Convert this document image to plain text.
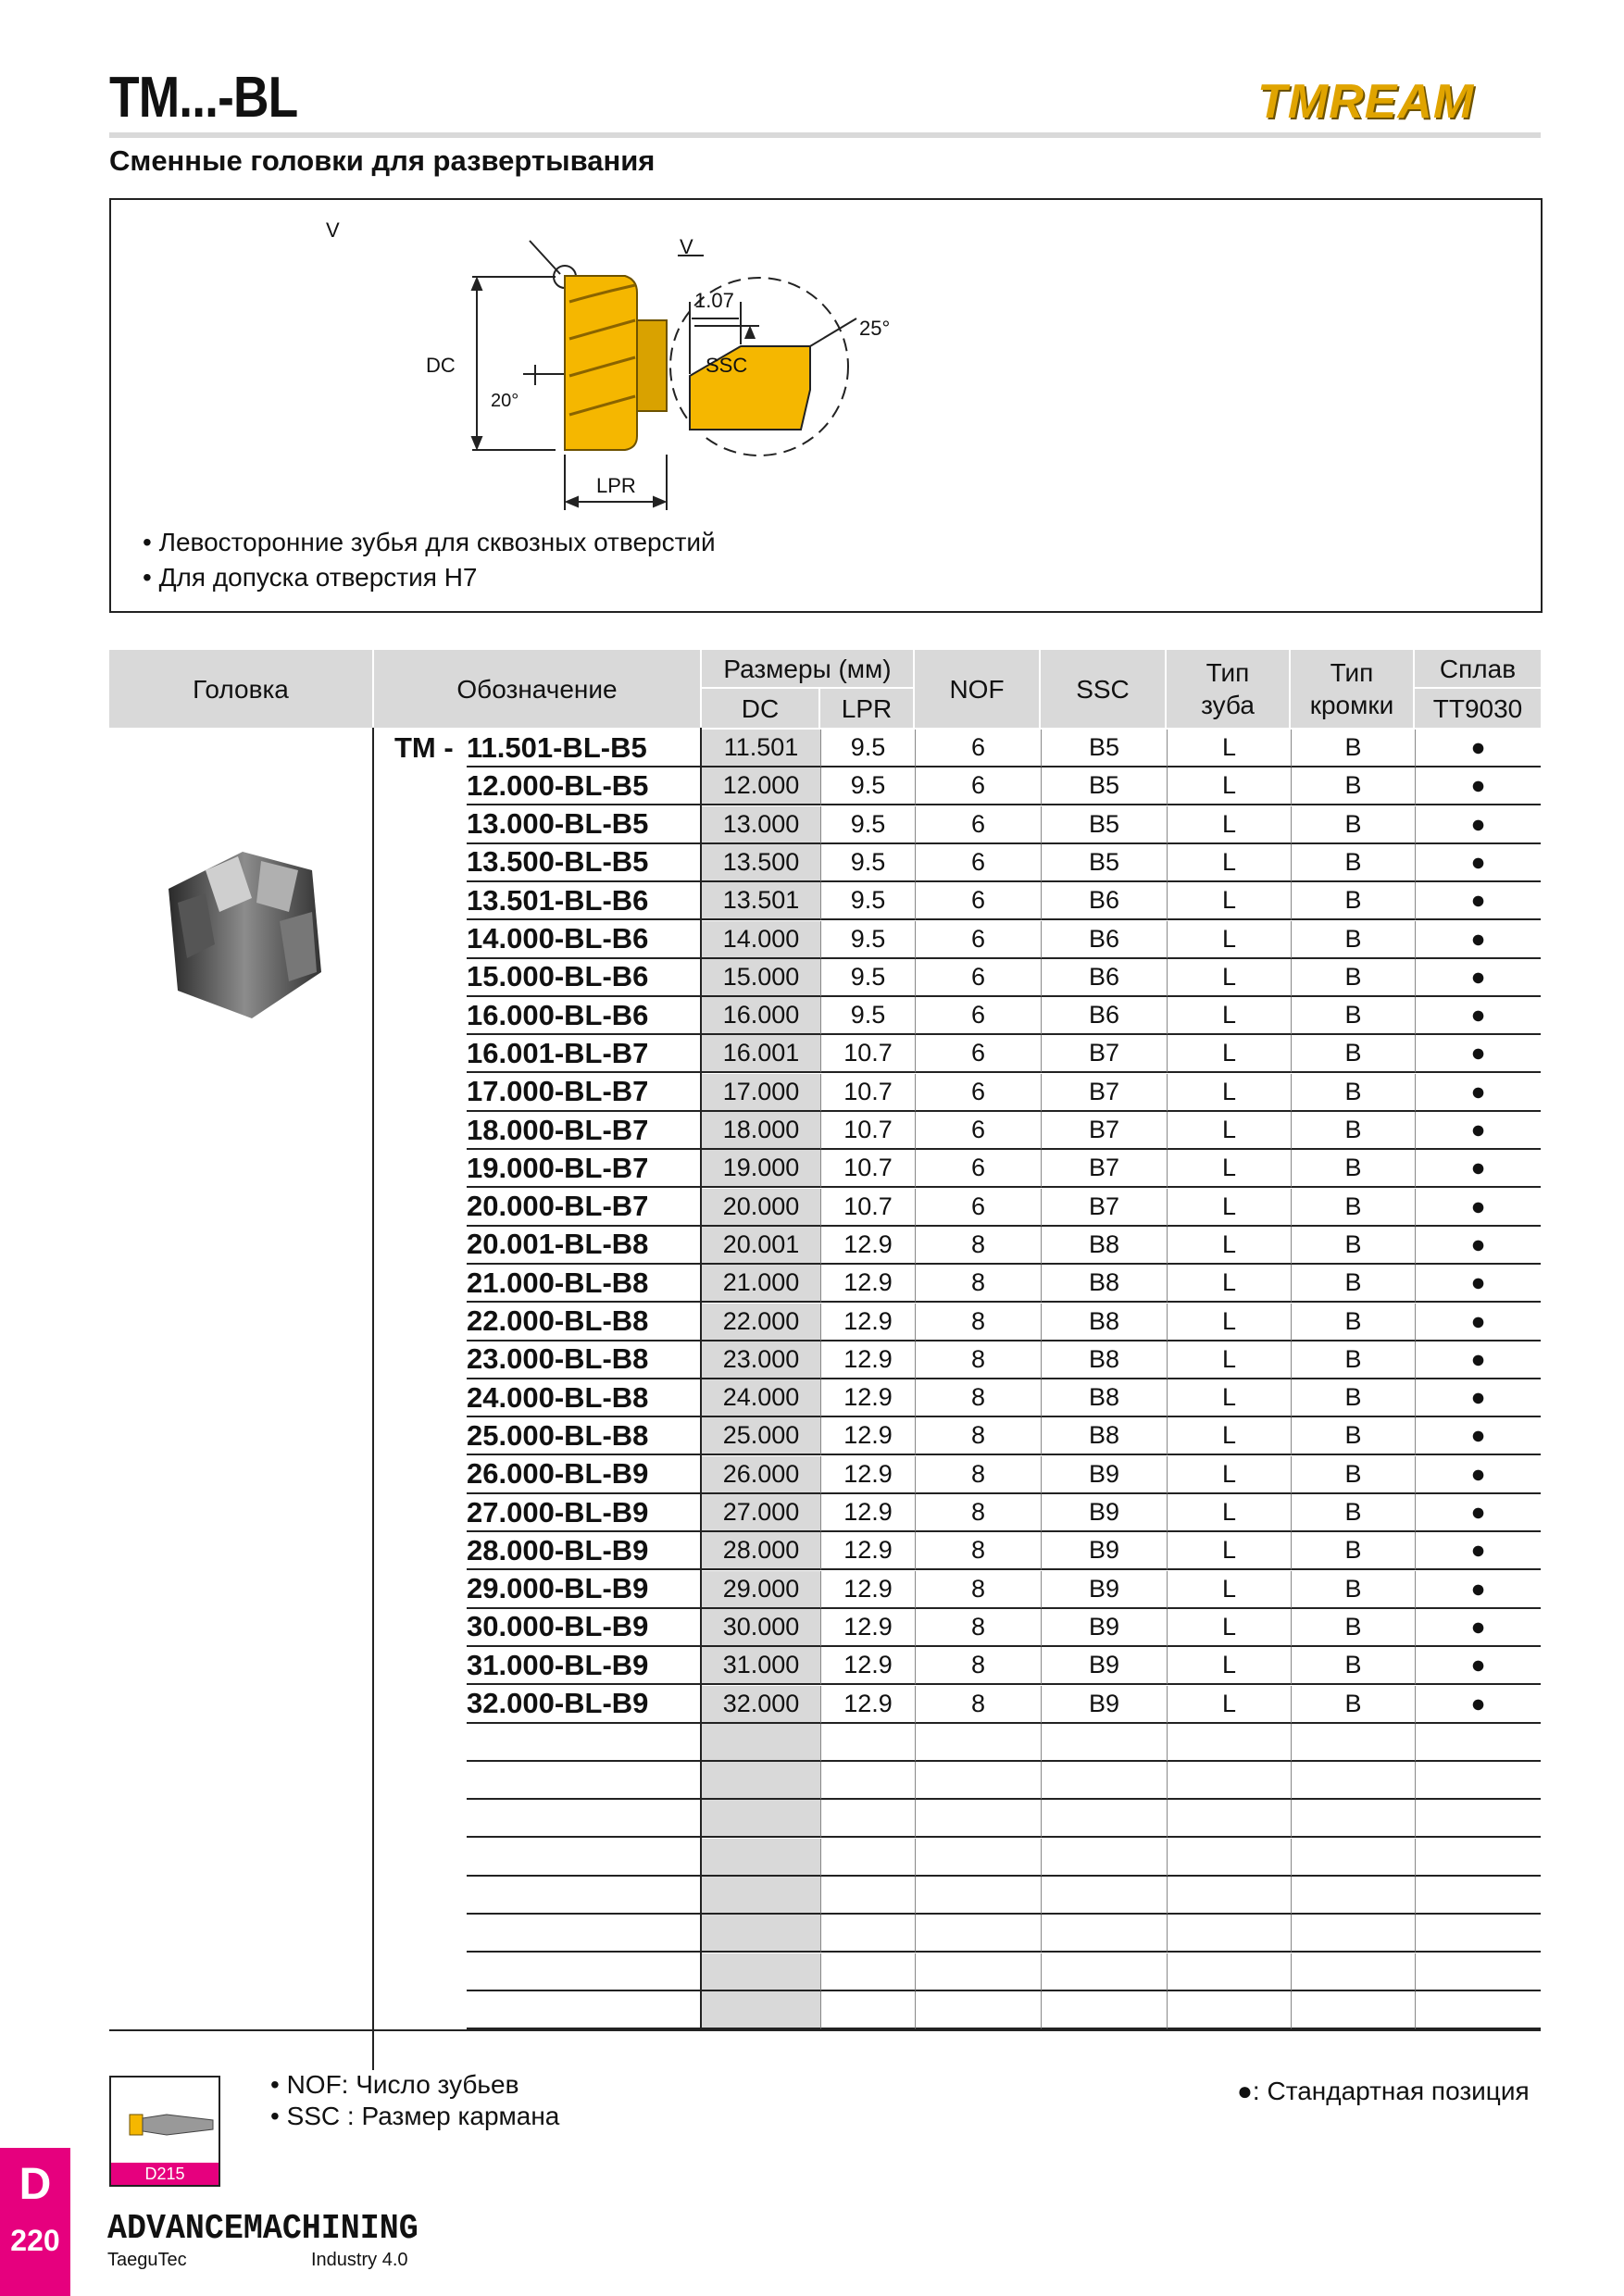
TM...-BL	TMREAM
Сменные головки для развертывания
V
DC	SSC
20°
LPR
V
1.07
25°
• Левосторонние зубья для сквозных отверстий
• Для допуска отверстия H7
Головка	Обозначение
Размеры (мм)
DC	LPR
NOF	SSC
Тип зуба
Тип кромки
Сплав
TT9030
TM - 11.501-BL-B5	11.501	9.5	6	B5	L	B	●
12.000-BL-B5	12.000	9.5	6	B5	L	B	●
13.000-BL-B5	13.000	9.5	6	B5	L	B	●
13.500-BL-B5	13.500	9.5	6	B5	L	B	●
13.501-BL-B6	13.501	9.5	6	B6	L	B	●
14.000-BL-B6	14.000	9.5	6	B6	L	B	●
15.000-BL-B6	15.000	9.5	6	B6	L	B	●
16.000-BL-B6	16.000	9.5	6	B6	L	B	●
16.001-BL-B7	16.001	10.7	6	B7	L	B	●
17.000-BL-B7	17.000	10.7	6	B7	L	B	●
18.000-BL-B7	18.000	10.7	6	B7	L	B	●
19.000-BL-B7	19.000	10.7	6	B7	L	B	●
20.000-BL-B7	20.000	10.7	6	B7	L	B	●
20.001-BL-B8	20.001	12.9	8	B8	L	B	●
21.000-BL-B8	21.000	12.9	8	B8	L	B	●
22.000-BL-B8	22.000	12.9	8	B8	L	B	●
23.000-BL-B8	23.000	12.9	8	B8	L	B	●
24.000-BL-B8	24.000	12.9	8	B8	L	B	●
25.000-BL-B8	25.000	12.9	8	B8	L	B	●
26.000-BL-B9	26.000	12.9	8	B9	L	B	●
27.000-BL-B9	27.000	12.9	8	B9	L	B	●
28.000-BL-B9	28.000	12.9	8	B9	L	B	●
29.000-BL-B9	29.000	12.9	8	B9	L	B	●
30.000-BL-B9	30.000	12.9	8	B9	L	B	●
31.000-BL-B9	31.000	12.9	8	B9	L	B	●
32.000-BL-B9	32.000	12.9	8	B9	L	B	●
D215
• NOF: Число зубьев
• SSC : Размер кармана
●: Стандартная позиция
D
220 ADVANCEMACHINING
TaeguTec	Industry 4.0
